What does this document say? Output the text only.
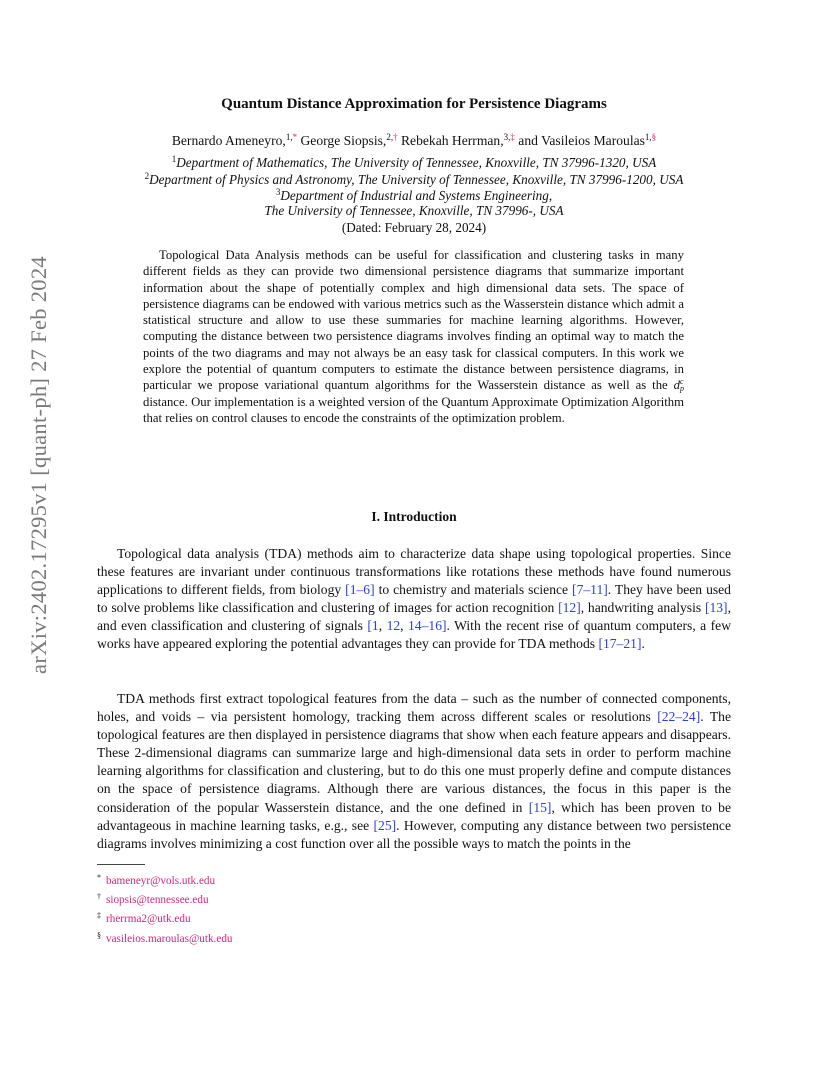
arXiv:2402.17295v1 [quant-ph] 27 Feb 2024
Quantum Distance Approximation for Persistence Diagrams
Bernardo Ameneyro,$^{1,*}$ George Siopsis,$^{2,\dagger}$ Rebekah Herrman,$^{3,\ddagger}$ and Vasileios Maroulas$^{1,\S}$
$^1$Department of Mathematics, The University of Tennessee, Knoxville, TN 37996-1320, USA
$^2$Department of Physics and Astronomy, The University of Tennessee, Knoxville, TN 37996-1200, USA
$^3$Department of Industrial and Systems Engineering,
The University of Tennessee, Knoxville, TN 37996-, USA
(Dated: February 28, 2024)

Topological Data Analysis methods can be useful for classification and clustering tasks in many different fields as they can provide two dimensional persistence diagrams that summarize important information about the shape of potentially complex and high dimensional data sets. The space of persistence diagrams can be endowed with various metrics such as the Wasserstein distance which admit a statistical structure and allow to use these summaries for machine learning algorithms. However, computing the distance between two persistence diagrams involves finding an optimal way to match the points of the two diagrams and may not always be an easy task for classical computers. In this work we explore the potential of quantum computers to estimate the distance between persistence diagrams, in particular we propose variational quantum algorithms for the Wasserstein distance as well as the d c
p
distance. Our implementation is a weighted version of the Quantum Approximate Optimization Algorithm that relies on control clauses to encode the constraints of the optimization problem.

I. Introduction

Topological data analysis (TDA) methods aim to characterize data shape using topological properties. Since these features are invariant under continuous transformations like rotations these methods have found numerous applications to different fields, from biology [1–6] to chemistry and materials science [7–11]. They have been used to solve problems like classification and clustering of images for action recognition [12], handwriting analysis [13], and even classification and clustering of signals [1, 12, 14–16]. With the recent rise of quantum computers, a few works have appeared exploring the potential advantages they can provide for TDA methods [17–21].

TDA methods first extract topological features from the data – such as the number of connected components, holes, and voids – via persistent homology, tracking them across different scales or resolutions [22–24]. The topological features are then displayed in persistence diagrams that show when each feature appears and disappears. These 2-dimensional diagrams can summarize large and high-dimensional data sets in order to perform machine learning algorithms for classification and clustering, but to do this one must properly define and compute distances on the space of persistence diagrams. Although there are various distances, the focus in this paper is the consideration of the popular Wasserstein distance, and the one defined in [15], which has been proven to be advantageous in machine learning tasks, e.g., see [25]. However, computing any distance between two persistence diagrams involves minimizing a cost function over all the possible ways to match the points in the

* bameneyr@vols.utk.edu
† siopsis@tennessee.edu
‡ rherrma2@utk.edu
§ vasileios.maroulas@utk.edu
